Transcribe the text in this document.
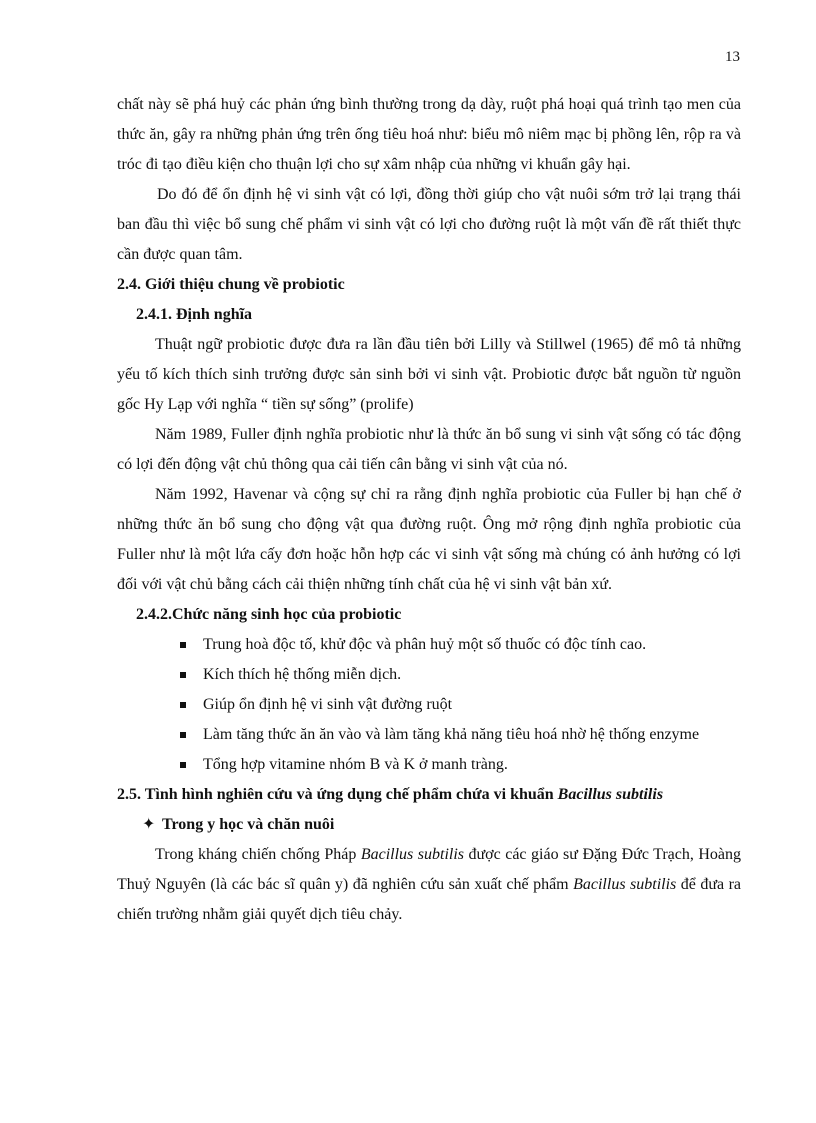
13

chất này sẽ phá huỷ các phản ứng bình thường trong dạ dày, ruột phá hoại quá trình tạo men của thức ăn, gây ra những phản ứng trên ống tiêu hoá như: biểu mô niêm mạc bị phồng lên, rộp ra và tróc đi tạo điều kiện cho thuận lợi cho sự xâm nhập của những vi khuẩn gây hại.

Do đó để ổn định hệ vi sinh vật có lợi, đồng thời giúp cho vật nuôi sớm trở lại trạng thái ban đầu thì việc bổ sung chế phẩm vi sinh vật có lợi cho đường ruột là một vấn đề rất thiết thực cần được quan tâm.

2.4. Giới thiệu chung về probiotic
2.4.1. Định nghĩa

Thuật ngữ probiotic được đưa ra lần đầu tiên bởi Lilly và Stillwel (1965) để mô tả những yếu tố kích thích sinh trưởng được sản sinh bởi vi sinh vật. Probiotic được bắt nguồn từ nguồn gốc Hy Lạp với nghĩa “ tiền sự sống” (prolife)

Năm 1989, Fuller định nghĩa probiotic như là thức ăn bổ sung vi sinh vật sống có tác động có lợi đến động vật chủ thông qua cải tiến cân bằng vi sinh vật của nó.

Năm 1992, Havenar và cộng sự chỉ ra rằng định nghĩa probiotic của Fuller bị hạn chế ở những thức ăn bổ sung cho động vật qua đường ruột. Ông mở rộng định nghĩa probiotic của Fuller như là một lứa cấy đơn hoặc hỗn hợp các vi sinh vật sống mà chúng có ảnh hưởng có lợi đối với vật chủ bằng cách cải thiện những tính chất của hệ vi sinh vật bản xứ.

2.4.2.Chức năng sinh học của probiotic
Trung hoà độc tố, khử độc và phân huỷ một số thuốc có độc tính cao.
Kích thích hệ thống miễn dịch.
Giúp ổn định hệ vi sinh vật đường ruột
Làm tăng thức ăn ăn vào và làm tăng khả năng tiêu hoá nhờ hệ thống enzyme
Tổng hợp vitamine nhóm B và K ở manh tràng.
2.5. Tình hình nghiên cứu và ứng dụng chế phẩm chứa vi khuẩn Bacillus subtilis
✦ Trong y học và chăn nuôi

Trong kháng chiến chống Pháp Bacillus subtilis được các giáo sư Đặng Đức Trạch, Hoàng Thuỷ Nguyên (là các bác sĩ quân y) đã nghiên cứu sản xuất chế phẩm Bacillus subtilis để đưa ra chiến trường nhằm giải quyết dịch tiêu chảy.
